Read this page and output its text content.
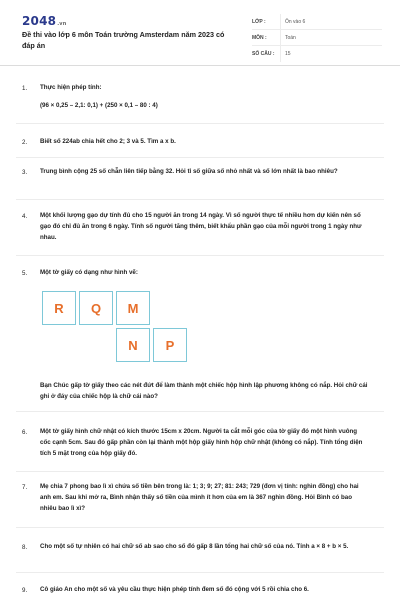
2048.vn
Đề thi vào lớp 6 môn Toán trường Amsterdam năm 2023 có đáp án
LỚP :	Ôn vào 6
MÔN :	Toán
SỐ CÂU :	15
1. Thực hiện phép tính:
(96 × 0,25 – 2,1: 0,1) + (250 × 0,1 – 80 : 4)
2. Biết số 224ab chia hết cho 2; 3 và 5. Tìm a x b.
3. Trung bình cộng 25 số chẵn liên tiếp bằng 32. Hỏi tỉ số giữa số nhỏ nhất và số lớn nhất là bao nhiêu?
4. Một khối lượng gạo dự tính đủ cho 15 người ăn trong 14 ngày. Vì số người thực tế nhiều hơn dự kiến nên số gạo đó chỉ đủ ăn trong 6 ngày. Tính số người tăng thêm, biết khẩu phần gạo của mỗi người trong 1 ngày như nhau.
5. Một tờ giấy có dạng như hình vẽ:
R	Q	M
N	P
Bạn Chúc gấp tờ giấy theo các nét đứt để làm thành một chiếc hộp hình lập phương không có nắp. Hỏi chữ cái ghi ở đáy của chiếc hộp là chữ cái nào?
6. Một tờ giấy hình chữ nhật có kích thước 15cm x 20cm. Người ta cắt mỗi góc của tờ giấy đó một hình vuông cốc cạnh 5cm. Sau đó gấp phần còn lại thành một hộp giấy hình hộp chữ nhật (không có nắp). Tính tổng diện tích 5 mặt trong của hộp giấy đó.
7. Mẹ chia 7 phong bao lì xì chứa số tiền bên trong là: 1; 3; 9; 27; 81: 243; 729 (đơn vị tính: nghìn đồng) cho hai anh em. Sau khi mở ra, Bình nhận thấy số tiền của mình ít hơn của em là 367 nghìn đồng. Hỏi Bình có bao nhiêu bao lì xì?
8. Cho một số tự nhiên có hai chữ số ab sao cho số đó gấp 8 lần tổng hai chữ số của nó. Tính a × 8 + b × 5.
9. Cô giáo An cho một số và yêu cầu thực hiện phép tính đem số đó cộng với 5 rồi chia cho 6.
